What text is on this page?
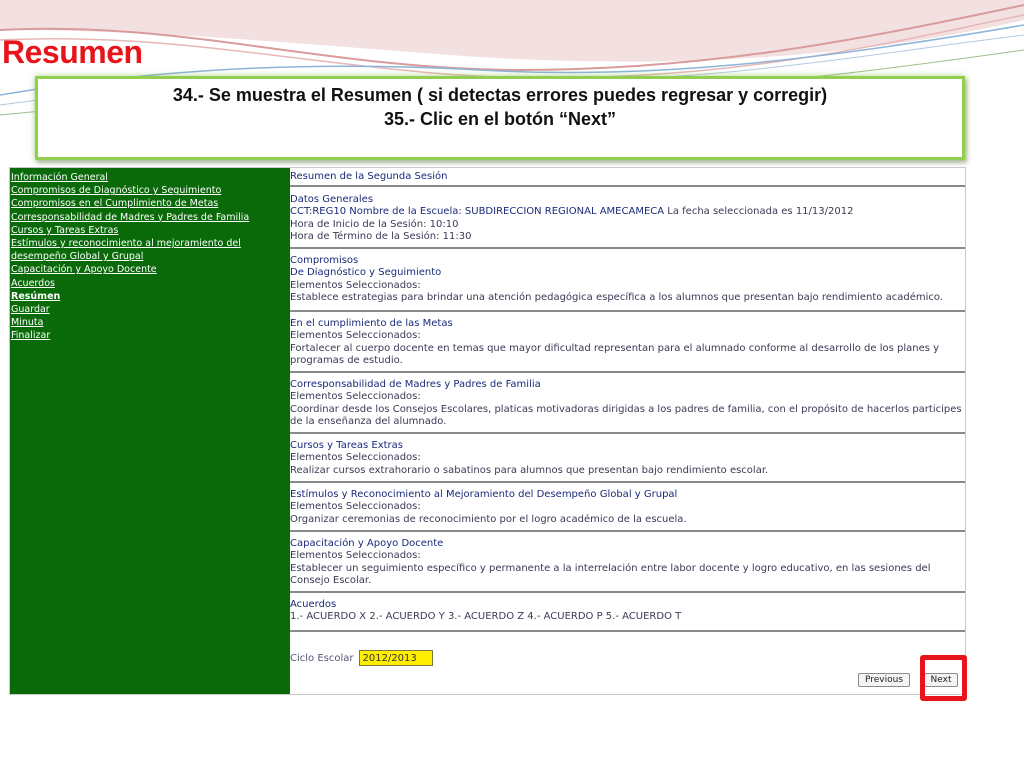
Resumen
34.- Se muestra el Resumen ( si detectas errores puedes regresar y corregir)
35.- Clic en el botón “Next”
Información General
Compromisos de Diagnóstico y Seguimiento
Compromisos en el Cumplimiento de Metas
Corresponsabilidad de Madres y Padres de Familia
Cursos y Tareas Extras
Estímulos y reconocimiento al mejoramiento del desempeño Global y Grupal
Capacitación y Apoyo Docente
Acuerdos
Resúmen
Guardar
Minuta
Finalizar
Resumen de la Segunda Sesión
Datos Generales
CCT:REG10 Nombre de la Escuela: SUBDIRECCION REGIONAL AMECAMECA La fecha seleccionada es 11/13/2012
Hora de Inicio de la Sesión: 10:10
Hora de Término de la Sesión: 11:30
Compromisos
De Diagnóstico y Seguimiento
Elementos Seleccionados:
Establece estrategias para brindar una atención pedagógica específica a los alumnos que presentan bajo rendimiento académico.
En el cumplimiento de las Metas
Elementos Seleccionados:
Fortalecer al cuerpo docente en temas que mayor dificultad representan para el alumnado conforme al desarrollo de los planes y programas de estudio.
Corresponsabilidad de Madres y Padres de Familia
Elementos Seleccionados:
Coordinar desde los Consejos Escolares, platicas motivadoras dirigidas a los padres de familia, con el propósito de hacerlos participes de la enseñanza del alumnado.
Cursos y Tareas Extras
Elementos Seleccionados:
Realizar cursos extrahorario o sabatinos para alumnos que presentan bajo rendimiento escolar.
Estímulos y Reconocimiento al Mejoramiento del Desempeño Global y Grupal
Elementos Seleccionados:
Organizar ceremonias de reconocimiento por el logro académico de la escuela.
Capacitación y Apoyo Docente
Elementos Seleccionados:
Establecer un seguimiento específico y permanente a la interrelación entre labor docente y logro educativo, en las sesiones del Consejo Escolar.
Acuerdos
1.- ACUERDO X 2.- ACUERDO Y 3.- ACUERDO Z 4.- ACUERDO P 5.- ACUERDO T
Ciclo Escolar
2012/2013
Previous	Next
